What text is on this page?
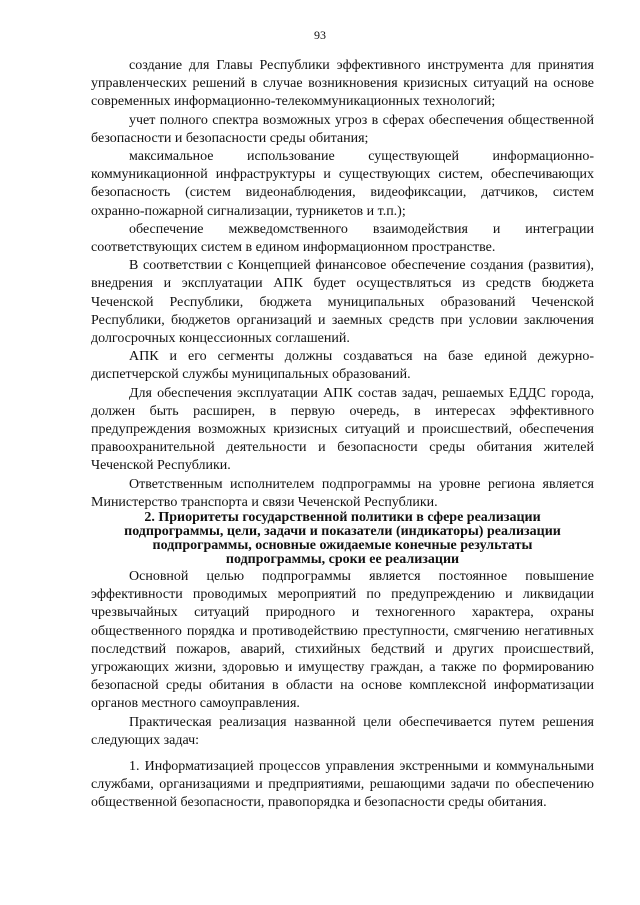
93

создание для Главы Республики эффективного инструмента для принятия управленческих решений в случае возникновения кризисных ситуаций на основе современных информационно-телекоммуникационных технологий;

учет полного спектра возможных угроз в сферах обеспечения общественной безопасности и безопасности среды обитания;

максимальное использование существующей информационно-коммуникационной инфраструктуры и существующих систем, обеспечивающих безопасность (систем видеонаблюдения, видеофиксации, датчиков, систем охранно-пожарной сигнализации, турникетов и т.п.);

обеспечение межведомственного взаимодействия и интеграции соответствующих систем в едином информационном пространстве.

В соответствии с Концепцией финансовое обеспечение создания (развития), внедрения и эксплуатации АПК будет осуществляться из средств бюджета Чеченской Республики, бюджета муниципальных образований Чеченской Республики, бюджетов организаций и заемных средств при условии заключения долгосрочных концессионных соглашений.

АПК и его сегменты должны создаваться на базе единой дежурно-диспетчерской службы муниципальных образований.

Для обеспечения эксплуатации АПК состав задач, решаемых ЕДДС города, должен быть расширен, в первую очередь, в интересах эффективного предупреждения возможных кризисных ситуаций и происшествий, обеспечения правоохранительной деятельности и безопасности среды обитания жителей Чеченской Республики.

Ответственным исполнителем подпрограммы на уровне региона является Министерство транспорта и связи Чеченской Республики.

2. Приоритеты государственной политики в сфере реализации

подпрограммы, цели, задачи и показатели (индикаторы) реализации

подпрограммы, основные ожидаемые конечные результаты

подпрограммы, сроки ее реализации

Основной целью подпрограммы является постоянное повышение эффективности проводимых мероприятий по предупреждению и ликвидации чрезвычайных ситуаций природного и техногенного характера, охраны общественного порядка и противодействию преступности, смягчению негативных последствий пожаров, аварий, стихийных бедствий и других происшествий, угрожающих жизни, здоровью и имуществу граждан, а также по формированию безопасной среды обитания в области на основе комплексной информатизации органов местного самоуправления.

Практическая реализация названной цели обеспечивается путем решения следующих задач:

1. Информатизацией процессов управления экстренными и коммунальными службами, организациями и предприятиями, решающими задачи по обеспечению общественной безопасности, правопорядка и безопасности среды обитания.
